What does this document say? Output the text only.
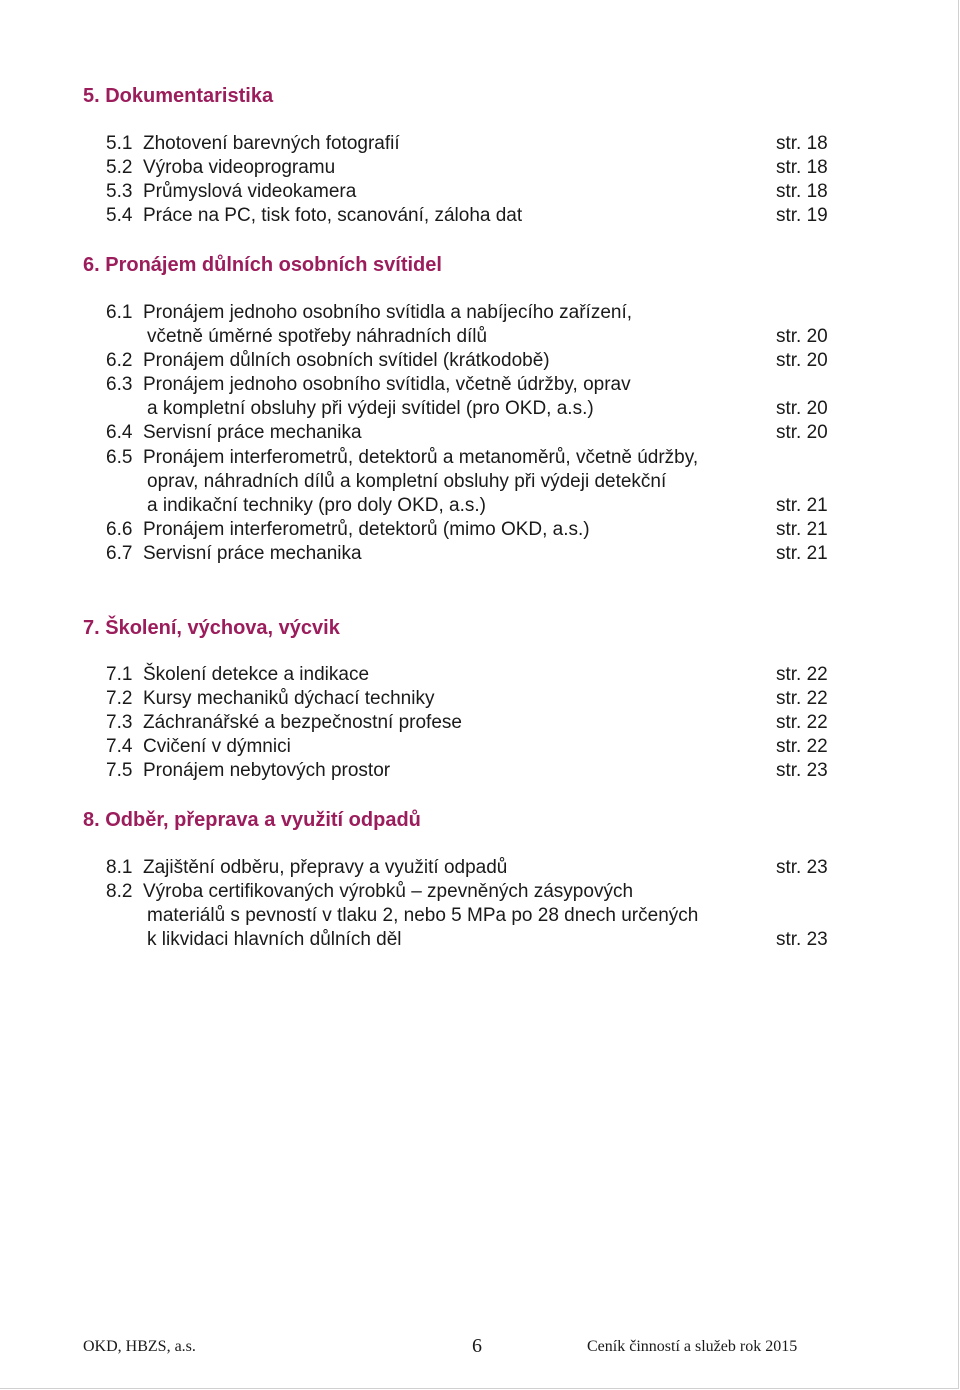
5. Dokumentaristika
5.1 Zhotovení barevných fotografií	str. 18
5.2 Výroba videoprogramu	str. 18
5.3 Průmyslová videokamera	str. 18
5.4 Práce na PC, tisk foto, scanování, záloha dat	str. 19
6. Pronájem důlních osobních svítidel
6.1 Pronájem jednoho osobního svítidla a nabíjecího zařízení,
včetně úměrné spotřeby náhradních dílů	str. 20
6.2 Pronájem důlních osobních svítidel (krátkodobě)	str. 20
6.3 Pronájem jednoho osobního svítidla, včetně údržby, oprav
a kompletní obsluhy při výdeji svítidel (pro OKD, a.s.)	str. 20
6.4 Servisní práce mechanika	str. 20
6.5 Pronájem interferometrů, detektorů a metanoměrů, včetně údržby,
oprav, náhradních dílů a kompletní obsluhy při výdeji detekční
a indikační techniky (pro doly OKD, a.s.)	str. 21
6.6 Pronájem interferometrů, detektorů (mimo OKD, a.s.)	str. 21
6.7 Servisní práce mechanika	str. 21
7. Školení, výchova, výcvik
7.1 Školení detekce a indikace	str. 22
7.2 Kursy mechaniků dýchací techniky	str. 22
7.3 Záchranářské a bezpečnostní profese	str. 22
7.4 Cvičení v dýmnici	str. 22
7.5 Pronájem nebytových prostor	str. 23
8. Odběr, přeprava a využití odpadů
8.1 Zajištění odběru, přepravy a využití odpadů	str. 23
8.2 Výroba certifikovaných výrobků – zpevněných zásypových
materiálů s pevností v tlaku 2, nebo 5 MPa po 28 dnech určených
k likvidaci hlavních důlních děl	str. 23
OKD, HBZS, a.s.	6	Ceník činností a služeb rok 2015
